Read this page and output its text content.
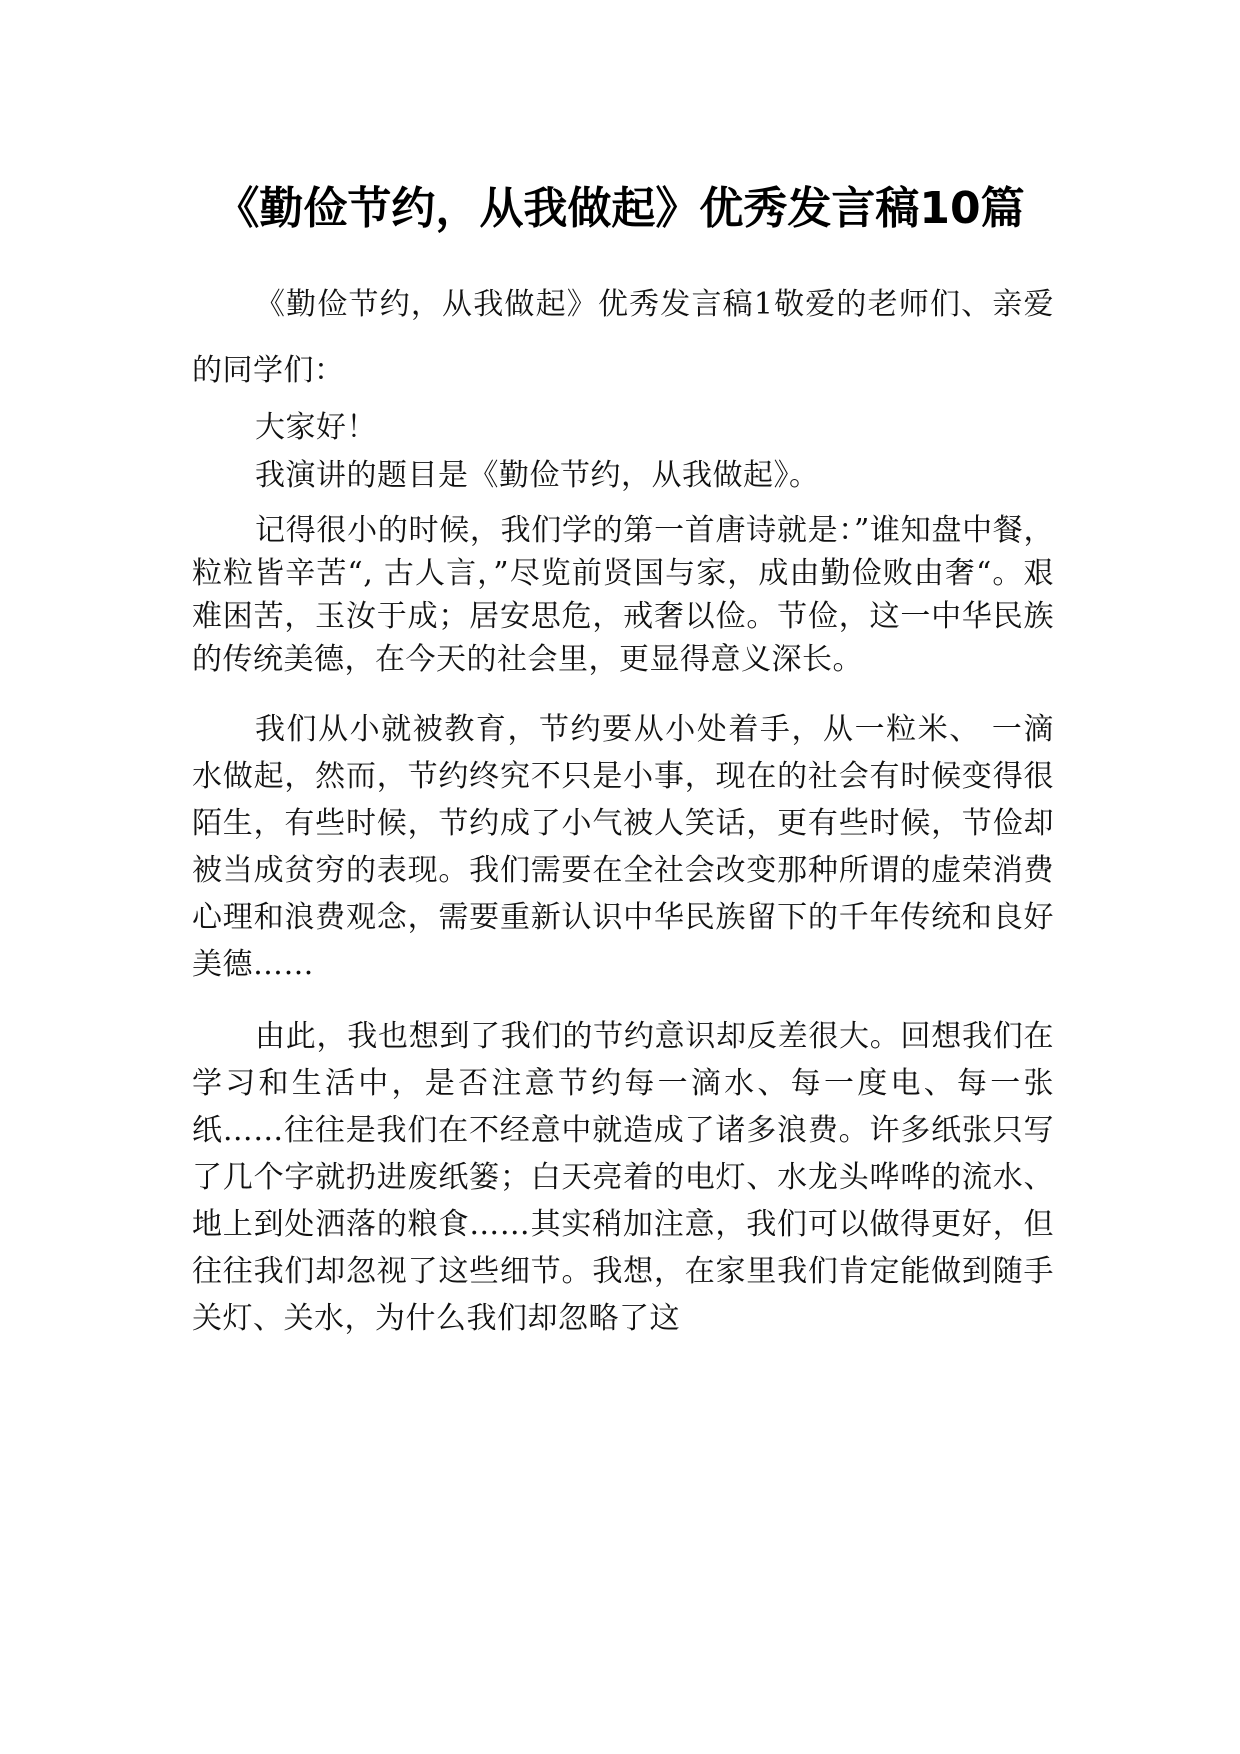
《勤俭节约，从我做起》优秀发言稿10篇

《勤俭节约，从我做起》优秀发言稿1敬爱的老师们、亲爱的同学们：

大家好！

我演讲的题目是《勤俭节约，从我做起》。

记得很小的时候，我们学的第一首唐诗就是：”谁知盘中餐，粒粒皆辛苦“, 古人言，”尽览前贤国与家，成由勤俭败由奢“。艰难困苦，玉汝于成；居安思危，戒奢以俭。节俭，这一中华民族的传统美德，在今天的社会里，更显得意义深长。

我们从小就被教育，节约要从小处着手，从一粒米、 一滴水做起，然而，节约终究不只是小事，现在的社会有时候变得很陌生，有些时候，节约成了小气被人笑话，更有些时候，节俭却被当成贫穷的表现。我们需要在全社会改变那种所谓的虚荣消费心理和浪费观念，需要重新认识中华民族留下的千年传统和良好美德……

由此，我也想到了我们的节约意识却反差很大。回想我们在学习和生活中，是否注意节约每一滴水、每一度电、每一张纸……往往是我们在不经意中就造成了诸多浪费。许多纸张只写了几个字就扔进废纸篓；白天亮着的电灯、水龙头哗哗的流水、地上到处洒落的粮食……其实稍加注意，我们可以做得更好，但往往我们却忽视了这些细节。我想，在家里我们肯定能做到随手关灯、关水，为什么我们却忽略了这
